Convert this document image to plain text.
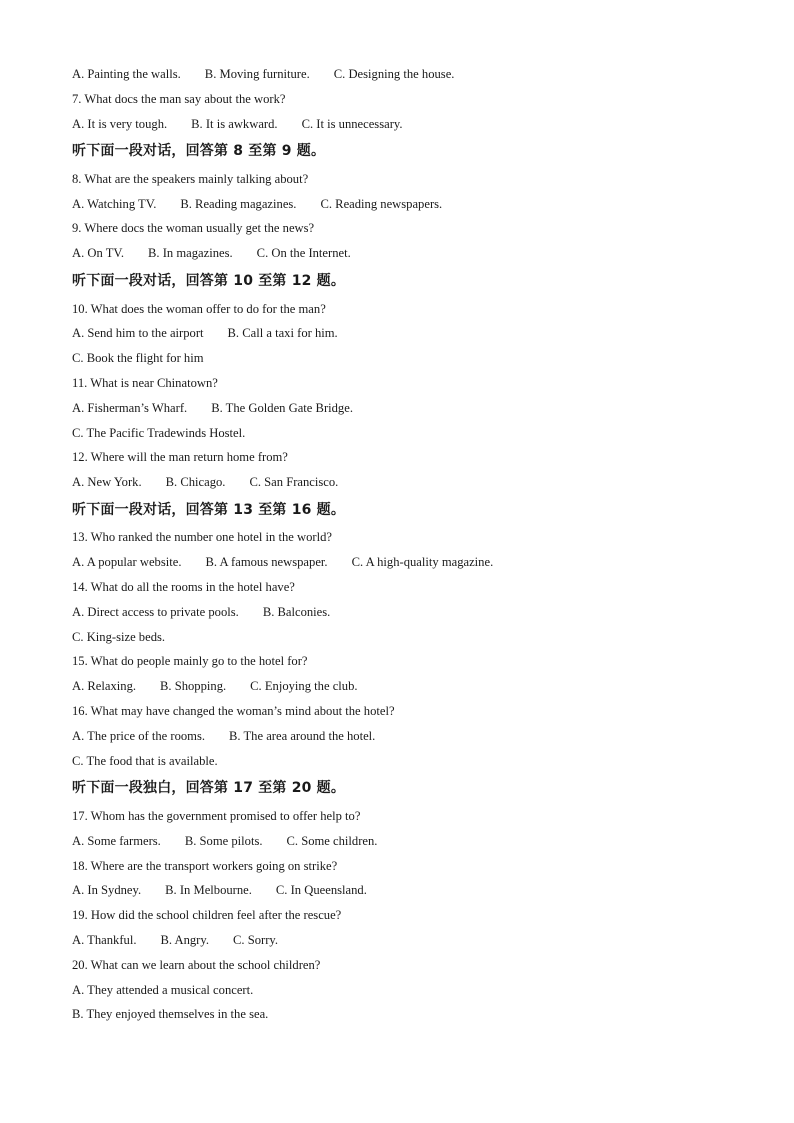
A. Painting the walls. B. Moving furniture. C. Designing the house.
7. What docs the man say about the work?
A. It is very tough. B. It is awkward. C. It is unnecessary.
听下面一段对话，回答第 8 至第 9 题。
8. What are the speakers mainly talking about?
A. Watching TV. B. Reading magazines. C. Reading newspapers.
9. Where docs the woman usually get the news?
A. On TV. B. In magazines. C. On the Internet.
听下面一段对话，回答第 10 至第 12 题。
10. What does the woman offer to do for the man?
A. Send him to the airport B. Call a taxi for him.
C. Book the flight for him
11. What is near Chinatown?
A. Fisherman’s Wharf. B. The Golden Gate Bridge.
C. The Pacific Tradewinds Hostel.
12. Where will the man return home from?
A. New York. B. Chicago. C. San Francisco.
听下面一段对话，回答第 13 至第 16 题。
13. Who ranked the number one hotel in the world?
A. A popular website. B. A famous newspaper. C. A high-quality magazine.
14. What do all the rooms in the hotel have?
A. Direct access to private pools. B. Balconies.
C. King-size beds.
15. What do people mainly go to the hotel for?
A. Relaxing. B. Shopping. C. Enjoying the club.
16. What may have changed the woman’s mind about the hotel?
A. The price of the rooms. B. The area around the hotel.
C. The food that is available.
听下面一段独白，回答第 17 至第 20 题。
17. Whom has the government promised to offer help to?
A. Some farmers. B. Some pilots. C. Some children.
18. Where are the transport workers going on strike?
A. In Sydney. B. In Melbourne. C. In Queensland.
19. How did the school children feel after the rescue?
A. Thankful. B. Angry. C. Sorry.
20. What can we learn about the school children?
A. They attended a musical concert.
B. They enjoyed themselves in the sea.
